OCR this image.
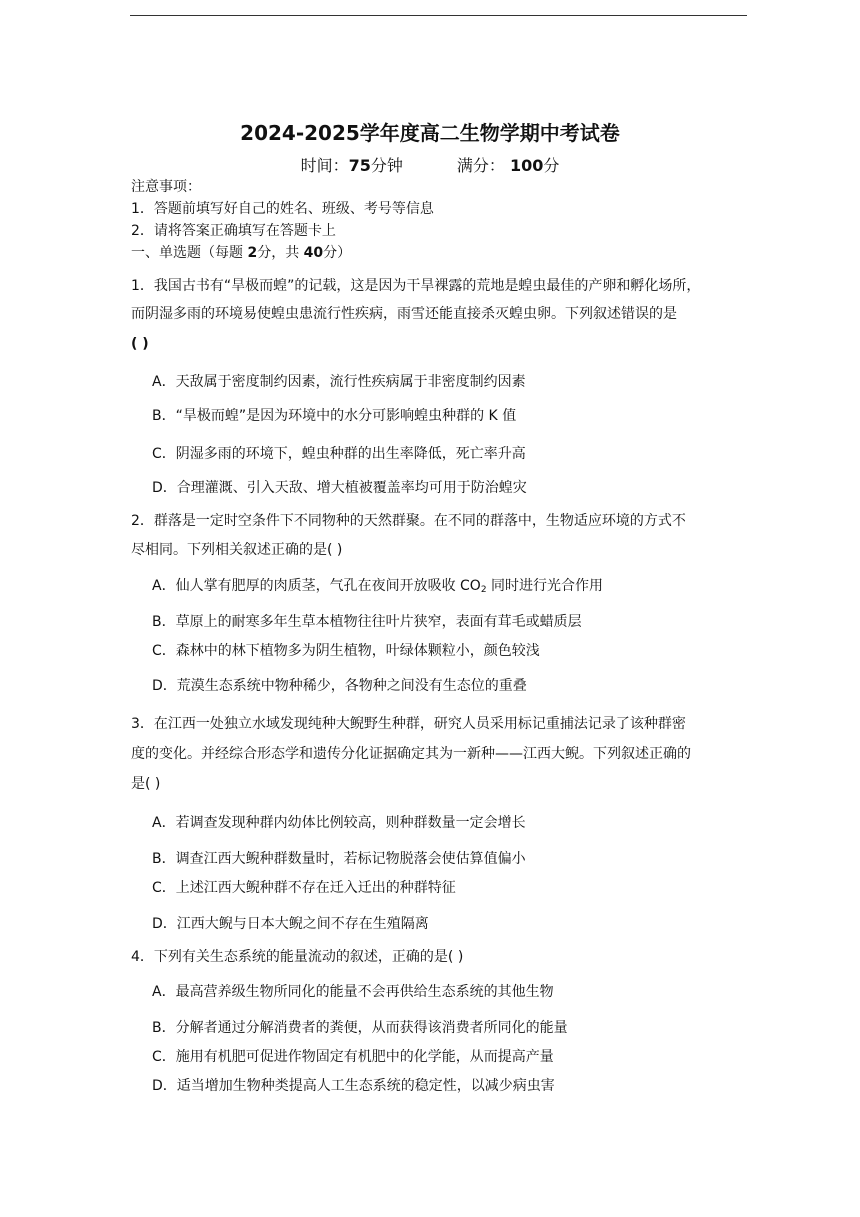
2024-2025学年度高二生物学期中考试卷
时间：75分钟	满分： 100分
注意事项：
1．答题前填写好自己的姓名、班级、考号等信息
2．请将答案正确填写在答题卡上
一、单选题（每题 2分，共 40分）
1．我国古书有“旱极而蝗”的记载，这是因为干旱裸露的荒地是蝗虫最佳的产卵和孵化场所，
而阴湿多雨的环境易使蝗虫患流行性疾病，雨雪还能直接杀灭蝗虫卵。下列叙述错误的是
( )
A．天敌属于密度制约因素，流行性疾病属于非密度制约因素
B．“旱极而蝗”是因为环境中的水分可影响蝗虫种群的 K 值
C．阴湿多雨的环境下，蝗虫种群的出生率降低，死亡率升高
D．合理灌溉、引入天敌、增大植被覆盖率均可用于防治蝗灾
2．群落是一定时空条件下不同物种的天然群聚。在不同的群落中，生物适应环境的方式不
尽相同。下列相关叙述正确的是( )
A．仙人掌有肥厚的肉质茎，气孔在夜间开放吸收 $CO_2$ 同时进行光合作用
B．草原上的耐寒多年生草本植物往往叶片狭窄，表面有茸毛或蜡质层
C．森林中的林下植物多为阴生植物，叶绿体颗粒小，颜色较浅
D．荒漠生态系统中物种稀少，各物种之间没有生态位的重叠
3．在江西一处独立水域发现纯种大鲵野生种群，研究人员采用标记重捕法记录了该种群密
度的变化。并经综合形态学和遗传分化证据确定其为一新种——江西大鲵。下列叙述正确的
是( )
A．若调查发现种群内幼体比例较高，则种群数量一定会增长
B．调查江西大鲵种群数量时，若标记物脱落会使估算值偏小
C．上述江西大鲵种群不存在迁入迁出的种群特征
D．江西大鲵与日本大鲵之间不存在生殖隔离
4．下列有关生态系统的能量流动的叙述，正确的是( )
A．最高营养级生物所同化的能量不会再供给生态系统的其他生物
B．分解者通过分解消费者的粪便，从而获得该消费者所同化的能量
C．施用有机肥可促进作物固定有机肥中的化学能，从而提高产量
D．适当增加生物种类提高人工生态系统的稳定性，以减少病虫害
